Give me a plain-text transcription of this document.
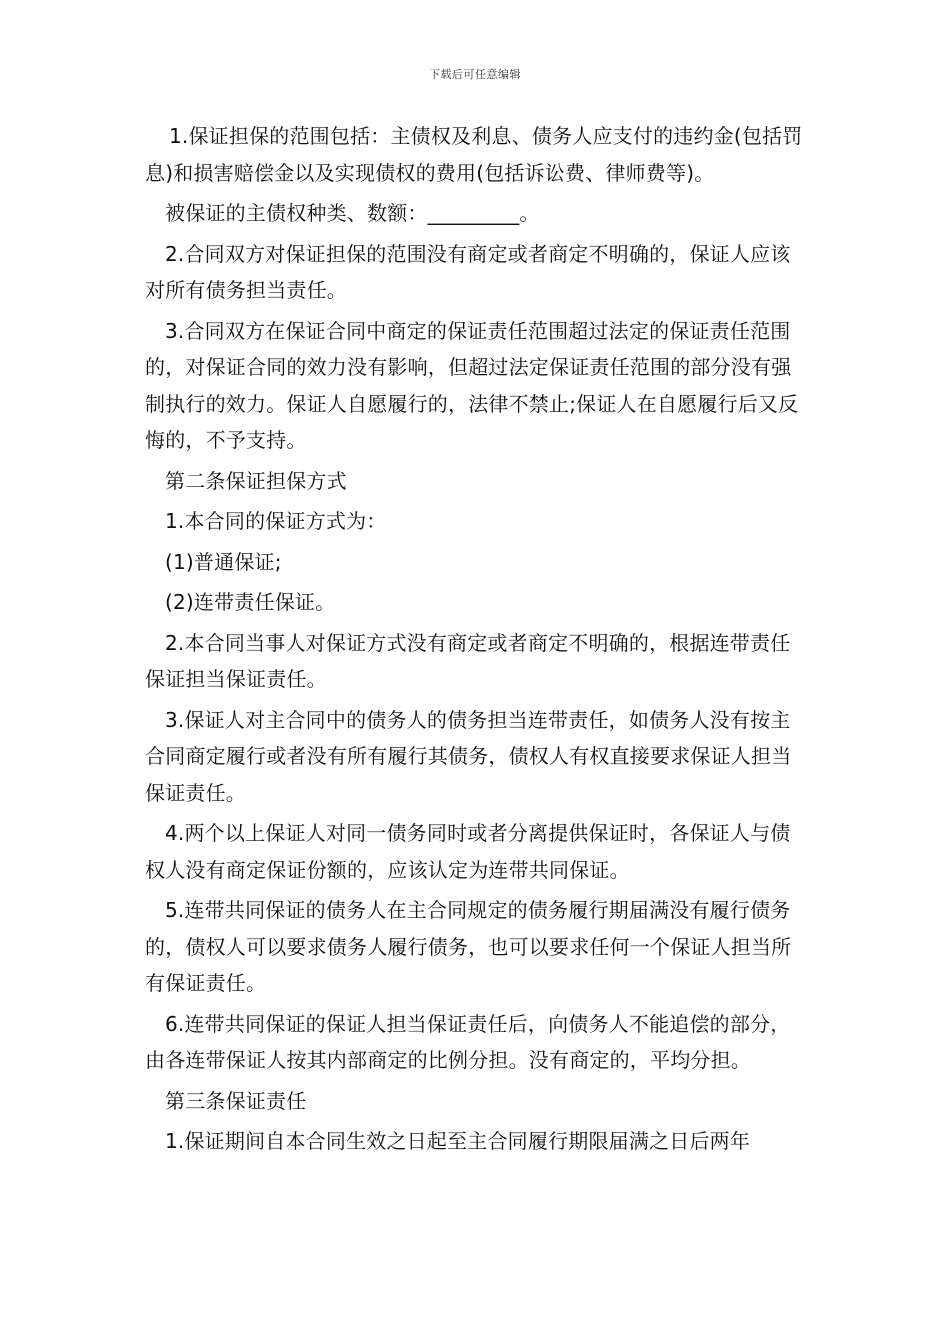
下载后可任意编辑

1.保证担保的范围包括：主债权及利息、债务人应支付的违约金(包括罚息)和损害赔偿金以及实现债权的费用(包括诉讼费、律师费等)。

被保证的主债权种类、数额：_________。

2.合同双方对保证担保的范围没有商定或者商定不明确的，保证人应该对所有债务担当责任。

3.合同双方在保证合同中商定的保证责任范围超过法定的保证责任范围的，对保证合同的效力没有影响，但超过法定保证责任范围的部分没有强制执行的效力。保证人自愿履行的，法律不禁止;保证人在自愿履行后又反悔的，不予支持。

第二条保证担保方式

1.本合同的保证方式为：

(1)普通保证;

(2)连带责任保证。

2.本合同当事人对保证方式没有商定或者商定不明确的，根据连带责任保证担当保证责任。

3.保证人对主合同中的债务人的债务担当连带责任，如债务人没有按主合同商定履行或者没有所有履行其债务，债权人有权直接要求保证人担当保证责任。

4.两个以上保证人对同一债务同时或者分离提供保证时，各保证人与债权人没有商定保证份额的，应该认定为连带共同保证。

5.连带共同保证的债务人在主合同规定的债务履行期届满没有履行债务的，债权人可以要求债务人履行债务，也可以要求任何一个保证人担当所有保证责任。

6.连带共同保证的保证人担当保证责任后，向债务人不能追偿的部分，由各连带保证人按其内部商定的比例分担。没有商定的，平均分担。

第三条保证责任

1.保证期间自本合同生效之日起至主合同履行期限届满之日后两年
